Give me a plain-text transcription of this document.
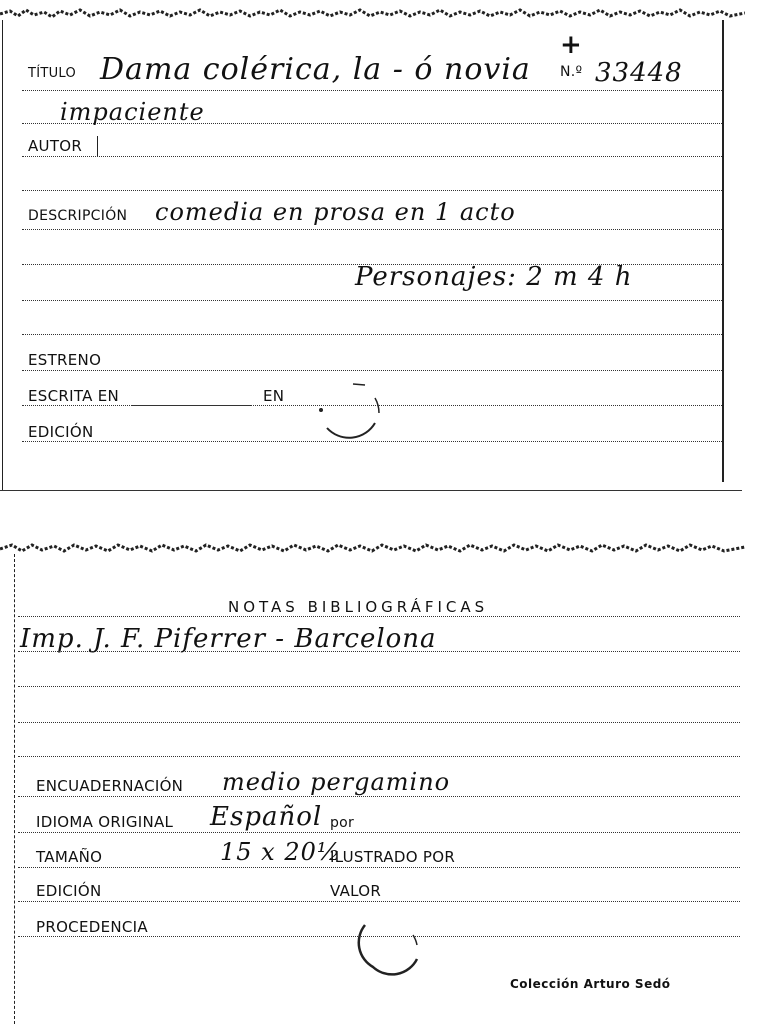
TÍTULO Dama colérica, la - ó novia
+
N.º 33448
impaciente
AUTOR
DESCRIPCIÓN comedia en prosa en 1 acto
Personajes: 2 m 4 h
ESTRENO
ESCRITA EN	EN
EDICIÓN
NOTAS BIBLIOGRÁFICAS
Imp. J. F. Piferrer - Barcelona
ENCUADERNACIÓN medio pergamino
IDIOMA ORIGINAL Español por
TAMAÑO	15 x 20½
ILUSTRADO POR
EDICIÓN	VALOR
PROCEDENCIA
Colección Arturo Sedó
